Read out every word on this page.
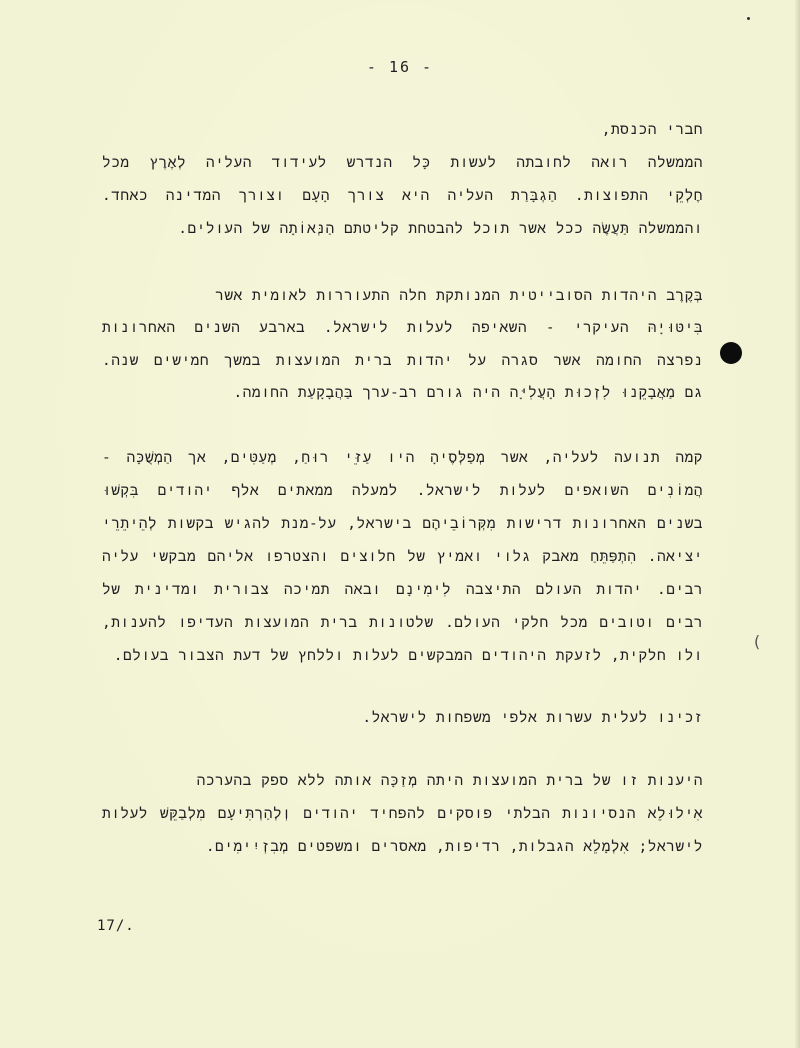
(
- 16 -
חברי הכנסת,
הממשלה רואה לחובתה לעשות כָּל הנדרש לעידוד העליה לְאֶרֶץ מכל
חֶלְקֵי התפוצות. הַגְבָּרַת העליה היא צורך הָעָם וצורך המדינה כאחד.
והממשלה תַּעֲשֶׂה ככל אשר תוכל להבטחת קליטתם הַנְּאוֹתָה של העולים.
בְּקֶרֶב היהדות הסובייטית המנותקת חלה התעוררות לאומית אשר
בִּיטּוּיָהּ העיקרי - השאיפה לעלות לישראל. בארבע השנים האחרונות
נפרצה החומה אשר סגרה על יהדות ברית המועצות במשך חמישים שנה.
גם מַאֲבָקֵנוּ לִזְכוּת הָעֲלִיָּה היה גורם רב-ערך בַּהֲבָקָעַת החומה.
קמה תנועה לעליה, אשר מְפַלְּסֶיהָ היו עַזֵּי רוּחַ, מְעַטִּים, אך הַמְשֻׁכָּה -
הֲמוֹנִים השואפים לעלות לישראל. למעלה ממאתים אלף יהודים בִּקְשׁוּ
בשנים האחרונות דרישות מִקְּרוֹבֵיהֶם בישראל, על-מנת להגיש בקשות לְהֵיתֵרֵי
יציאה. הִתְפַּתֵּחַ מאבק גלוי ואמיץ של חלוצים והצטרפו אליהם מבקשי עליה
רבים. יהדות העולם התיצבה לִימִינָם ובאה תמיכה צבורית ומדינית של
רבים וטובים מכל חלקי העולם. שלטונות ברית המועצות העדיפו להענות,
ולו חלקית, לזעקת היהודים המבקשים לעלות וללחץ של דעת הצבור בעולם.
זכינו לעלית עשרות אלפי משפחות לישראל.
היענות זו של ברית המועצות היתה מְזַכָּה אותה ללא ספק בהערכה
אִילוּלֵא הנסיונות הבלתי פוסקים להפחיד יהודים וְלְהַרְתִּיעָם מִלְבַקֵּשׁ לעלות
לישראל; אִלְמָלֵא הגבלות, רדיפות, מאסרים ומשפטים מְבִזְיִימִים.
17/.
